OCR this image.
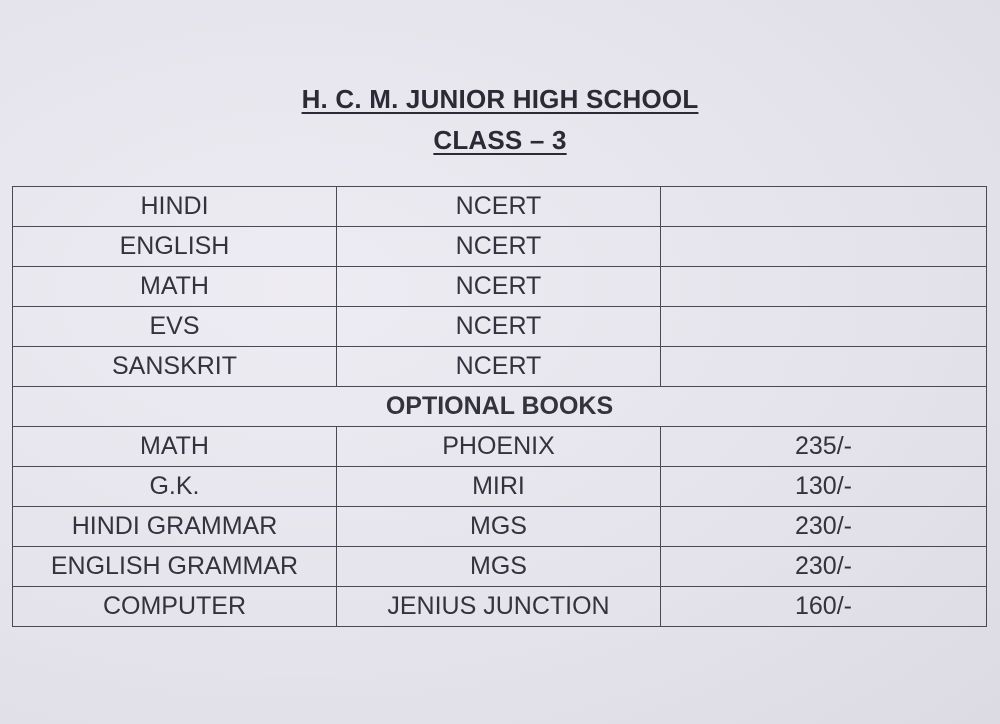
H. C. M. JUNIOR HIGH SCHOOL
CLASS – 3
HINDI	NCERT	
ENGLISH	NCERT	
MATH	NCERT	
EVS	NCERT	
SANSKRIT	NCERT	
OPTIONAL BOOKS		
MATH	PHOENIX	235/-
G.K.	MIRI	130/-
HINDI GRAMMAR	MGS	230/-
ENGLISH GRAMMAR	MGS	230/-
COMPUTER	JENIUS JUNCTION	160/-
